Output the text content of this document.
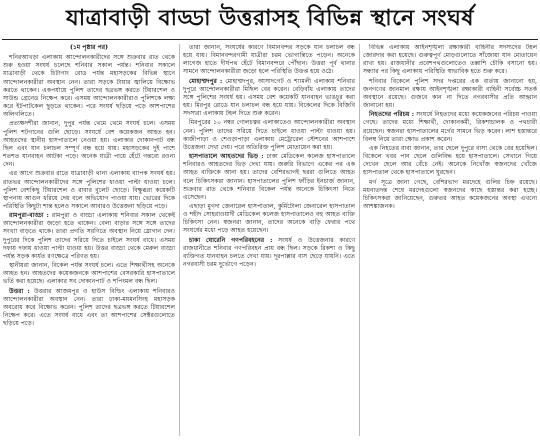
যাত্রাবাড়ী বাড্ডা উত্তরাসহ বিভিন্ন স্থানে সংঘর্ষ
(১ম পৃষ্ঠার পর)

শনিরআখড়া এলাকায় আন্দোলনকারীদের সঙ্গে শুক্রবার রাত থেকে শুরু হওয়া সংঘর্ষ চলেছে শনিবার সকাল পর্যন্ত। শনিবার সকালে যাত্রাবাড়ী থেকে চিটাগাং রোড পর্যন্ত মহাসড়কের বিভিন্ন স্থানে আন্দোলনকারীরা অবস্থান নেন। তারা সড়কে টায়ার জ্বালিয়ে বিক্ষোভ করতে থাকেন। একপর্যায়ে পুলিশ তাদের ছত্রভঙ্গ করতে টিয়ারশেল ও সাউন্ড গ্রেনেড নিক্ষেপ করে। এসময় আন্দোলনকারীরাও পুলিশকে লক্ষ্য করে ইটপাটকেল ছুড়তে থাকেন। পরে সংঘর্ষ ছড়িয়ে পড়ে আশপাশের অলিগলিতে।

প্রত্যক্ষদর্শীরা জানান, দুপুর পর্যন্ত থেমে থেমে সংঘর্ষ চলে। এসময় পুলিশ শটগানের গুলি ছোড়ে। সংঘর্ষে বেশ কয়েকজন আহত হন। আহতদের স্থানীয় হাসপাতালে নেওয়া হয়। এলাকার দোকানপাট বন্ধ ছিল এবং যান চলাচল সম্পূর্ণ বন্ধ হয়ে যায়। মহাসড়কের দুই পাশে শতশত যানবাহন আটকা পড়ে। অনেক যাত্রী পায়ে হেঁটে গন্তব্যে রওনা দেন।

এর আগে শুক্রবার রাতে যাত্রাবাড়ী থানা এলাকায় ব্যাপক সংঘর্ষ হয়। রাতভর আন্দোলনকারীদের সঙ্গে পুলিশের ধাওয়া পাল্টা ধাওয়া চলে। পুলিশ বেশকিছু টিয়ারশেল ও রাবার বুলেট ছোড়ে। বিক্ষুব্ধরা কয়েকটি স্থাপনায় আগুন ধরিয়ে দেয় বলে অভিযোগ পাওয়া যায়। ভোরের দিকে পরিস্থিতি কিছুটা শান্ত হলেও সকালে আবারও উত্তেজনা ছড়িয়ে পড়ে।

রামপুরা-বাড্ডা : রামপুরা ও বাড্ডা এলাকায় শনিবার সকাল থেকেই আন্দোলনকারীরা জড়ো হতে থাকেন। বেলা বাড়ার সঙ্গে সঙ্গে তাদের সংখ্যা বাড়তে থাকে। তারা প্রগতি সরণিতে অবস্থান নিয়ে স্লোগান দেন। দুপুরের দিকে পুলিশ তাদের সরিয়ে দিতে চাইলে সংঘর্ষ বাধে। এসময় দফায় দফায় ধাওয়া পাল্টা ধাওয়া হয়। উত্তর বাড্ডা থেকে মেরুল বাড্ডা পর্যন্ত সড়ক কার্যত রণক্ষেত্রে পরিণত হয়।

স্থানীয়রা জানান, বিকেল পর্যন্ত সংঘর্ষ চলে। এতে শিক্ষার্থীসহ অনেকে আহত হন। আহতদের কয়েকজনকে আশপাশের বেসরকারি হাসপাতালে ভর্তি করা হয়েছে। এলাকার সব দোকানপাট ও শপিংমল বন্ধ ছিল।

উত্তরা : উত্তরার আজমপুর ও হাউস বিল্ডিং এলাকায় শনিবারও আন্দোলনকারীরা অবস্থান নেন। তারা ঢাকা-ময়মনসিংহ মহাসড়ক অবরোধ করে বিক্ষোভ করেন। পুলিশ তাদের ছত্রভঙ্গ করতে টিয়ারশেল নিক্ষেপ করে। এতে সংঘর্ষ বাধে এবং তা আশপাশের সেক্টরগুলোতে ছড়িয়ে পড়ে।

তারা জানান, সংঘর্ষের কারণে বিমানবন্দর সড়কে যান চলাচল বন্ধ হয়ে যায়। বিমানবন্দরগামী যাত্রীরা চরম ভোগান্তিতে পড়েন। অনেকে লাগেজ হাতে দীর্ঘপথ হেঁটে বিমানবন্দরে পৌঁছান। উত্তরা পূর্ব থানার সামনে আন্দোলনকারীরা জড়ো হলে পরিস্থিতি উত্তপ্ত হয়ে ওঠে।

মোহাম্মদপুর : মোহাম্মদপুর, আসাদগেট ও শ্যামলী এলাকায় শনিবার দুপুরে আন্দোলনকারীরা মিছিল বের করেন। বেড়িবাঁধ এলাকায় তাদের সঙ্গে পুলিশের সংঘর্ষ হয়। এসময় বেশ কয়েকটি যানবাহন ভাঙচুর করা হয়। মিরপুর রোডে যান চলাচল বন্ধ হয়ে যায়। বিকেলের দিকে বিজিবি সদস্যরা এলাকায় টহল দিতে শুরু করেন।

মিরপুরের ১০ নম্বর গোলচত্বর এলাকাতেও আন্দোলনকারীরা অবস্থান নেন। পুলিশ তাদের সরিয়ে দিতে চাইলে ধাওয়া পাল্টা ধাওয়া হয়। কাজীপাড়া ও শেওড়াপাড়া এলাকায় মেট্রোরেল স্টেশনের আশপাশে উত্তেজনা দেখা দেয়। পরে অতিরিক্ত পুলিশ মোতায়েন করা হয়।

হাসপাতালে আহতদের ভিড় : ঢাকা মেডিকেল কলেজ হাসপাতালে শনিবারও আহতদের ভিড় দেখা যায়। জরুরি বিভাগে একের পর এক আহত ব্যক্তিকে আনা হয়। তাদের বেশিরভাগই ছররা গুলিতে আহত বলে চিকিৎসকরা জানান। হাসপাতালের পুলিশ ফাঁড়ির ইনচার্জ জানান, শুক্রবার রাত থেকে শনিবার বিকেল পর্যন্ত অনেকে চিকিৎসা নিতে এসেছেন।

এছাড়া মুগদা জেনারেল হাসপাতাল, কুর্মিটোলা জেনারেল হাসপাতাল ও শহীদ সোহরাওয়ার্দী মেডিকেল কলেজ হাসপাতালেও বহু আহত ব্যক্তি চিকিৎসা নেন। স্বজনরা জানান, তাদের অনেকে বাড়ি ফেরার পথে সংঘর্ষের মধ্যে পড়ে আহত হয়েছেন।

চাকা ঘোরেনি গণপরিবহনের : সংঘর্ষ ও উত্তেজনার কারণে রাজধানীতে শনিবার গণপরিবহন প্রায় বন্ধ ছিল। সড়কে রিকশা ও কিছু ব্যক্তিগত যানবাহন চলতে দেখা যায়। দূরপাল্লার বাস ছেড়ে যায়নি। এতে নগরবাসী চরম দুর্ভোগে পড়েন।

বিভিন্ন এলাকায় আইনশৃঙ্খলা রক্ষাকারী বাহিনীর সদস্যদের টহল জোরদার করা হয়েছে। গুরুত্বপূর্ণ মোড়গুলোতে সাঁজোয়া যান মোতায়েন রাখা হয়। রাজধানীর প্রবেশপথগুলোতেও তল্লাশি চৌকি বসানো হয়। সন্ধ্যার পর কিছু এলাকায় পরিস্থিতি স্বাভাবিক হতে শুরু করে।

শনিবার বিকেলে পুলিশ সদর দপ্তরের এক বার্তায় জানানো হয়, জনগণের জানমাল রক্ষায় আইনশৃঙ্খলা রক্ষাকারী বাহিনী সর্বোচ্চ সতর্ক অবস্থানে রয়েছে। গুজবে কান না দিতে নগরবাসীর প্রতি আহ্বান জানানো হয়।

নিহতদের পরিচয় : সংঘর্ষে নিহতদের মধ্যে কয়েকজনের পরিচয় পাওয়া গেছে। তাদের মধ্যে শিক্ষার্থী, দোকানকর্মী, রিকশাচালক ও পথচারী রয়েছেন। স্বজনরা হাসপাতালের মর্গের সামনে ভিড় করেন। লাশ হস্তান্তরে বিলম্ব নিয়ে তারা ক্ষোভ প্রকাশ করেন।

এক নিহতের বাবা জানান, তার ছেলে দুপুরে বাসা থেকে বের হয়েছিল। বিকেলে খবর পান ছেলে গুলিবিদ্ধ হয়ে হাসপাতালে। সেখানে গিয়ে দেখেন ছেলে আর বেঁচে নেই। অনেকে নিখোঁজ স্বজনদের খোঁজে হাসপাতাল থেকে হাসপাতালে ঘুরছেন।

মর্গ সূত্রে জানা গেছে, বেশিরভাগ মরদেহে গুলির চিহ্ন রয়েছে। ময়নাতদন্ত শেষে মরদেহগুলো স্বজনদের কাছে হস্তান্তর করা হচ্ছে। চিকিৎসকরা জানিয়েছেন, গুরুতর আহত কয়েকজনের অবস্থা এখনো আশঙ্কাজনক।
